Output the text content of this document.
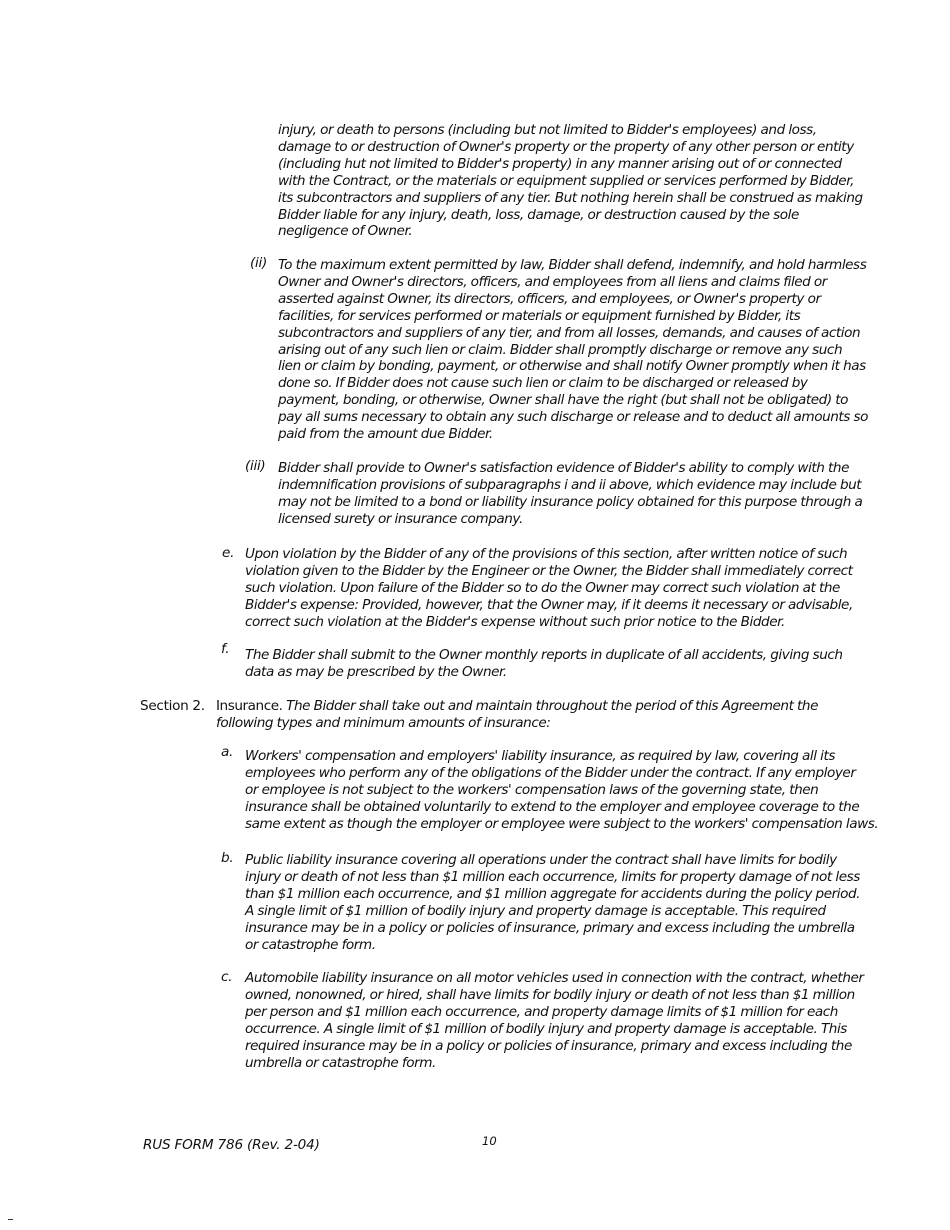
injury, or death to persons (including but not limited to Bidder's employees) and loss,
damage to or destruction of Owner's property or the property of any other person or entity
(including hut not limited to Bidder's property) in any manner arising out of or connected
with the Contract, or the materials or equipment supplied or services performed by Bidder,
its subcontractors and suppliers of any tier. But nothing herein shall be construed as making
Bidder liable for any injury, death, loss, damage, or destruction caused by the sole
negligence of Owner.
(ii) To the maximum extent permitted by law, Bidder shall defend, indemnify, and hold harmless
Owner and Owner's directors, officers, and employees from all liens and claims filed or
asserted against Owner, its directors, officers, and employees, or Owner's property or
facilities, for services performed or materials or equipment furnished by Bidder, its
subcontractors and suppliers of any tier, and from all losses, demands, and causes of action
arising out of any such lien or claim. Bidder shall promptly discharge or remove any such
lien or claim by bonding, payment, or otherwise and shall notify Owner promptly when it has
done so. If Bidder does not cause such lien or claim to be discharged or released by
payment, bonding, or otherwise, Owner shall have the right (but shall not be obligated) to
pay all sums necessary to obtain any such discharge or release and to deduct all amounts so
paid from the amount due Bidder.
(iii) Bidder shall provide to Owner's satisfaction evidence of Bidder's ability to comply with the
indemnification provisions of subparagraphs i and ii above, which evidence may include but
may not be limited to a bond or liability insurance policy obtained for this purpose through a
licensed surety or insurance company.
e. Upon violation by the Bidder of any of the provisions of this section, after written notice of such
violation given to the Bidder by the Engineer or the Owner, the Bidder shall immediately correct
such violation. Upon failure of the Bidder so to do the Owner may correct such violation at the
Bidder's expense: Provided, however, that the Owner may, if it deems it necessary or advisable,
correct such violation at the Bidder's expense without such prior notice to the Bidder.
f. The Bidder shall submit to the Owner monthly reports in duplicate of all accidents, giving such
data as may be prescribed by the Owner.
Section 2. Insurance. The Bidder shall take out and maintain throughout the period of this Agreement the
following types and minimum amounts of insurance:
a. Workers' compensation and employers' liability insurance, as required by law, covering all its
employees who perform any of the obligations of the Bidder under the contract. If any employer
or employee is not subject to the workers' compensation laws of the governing state, then
insurance shall be obtained voluntarily to extend to the employer and employee coverage to the
same extent as though the employer or employee were subject to the workers' compensation laws.
b. Public liability insurance covering all operations under the contract shall have limits for bodily
injury or death of not less than $1 million each occurrence, limits for property damage of not less
than $1 million each occurrence, and $1 million aggregate for accidents during the policy period.
A single limit of $1 million of bodily injury and property damage is acceptable. This required
insurance may be in a policy or policies of insurance, primary and excess including the umbrella
or catastrophe form.
c. Automobile liability insurance on all motor vehicles used in connection with the contract, whether
owned, nonowned, or hired, shall have limits for bodily injury or death of not less than $1 million
per person and $1 million each occurrence, and property damage limits of $1 million for each
occurrence. A single limit of $1 million of bodily injury and property damage is acceptable. This
required insurance may be in a policy or policies of insurance, primary and excess including the
umbrella or catastrophe form.
RUS FORM 786 (Rev. 2-04)	10
